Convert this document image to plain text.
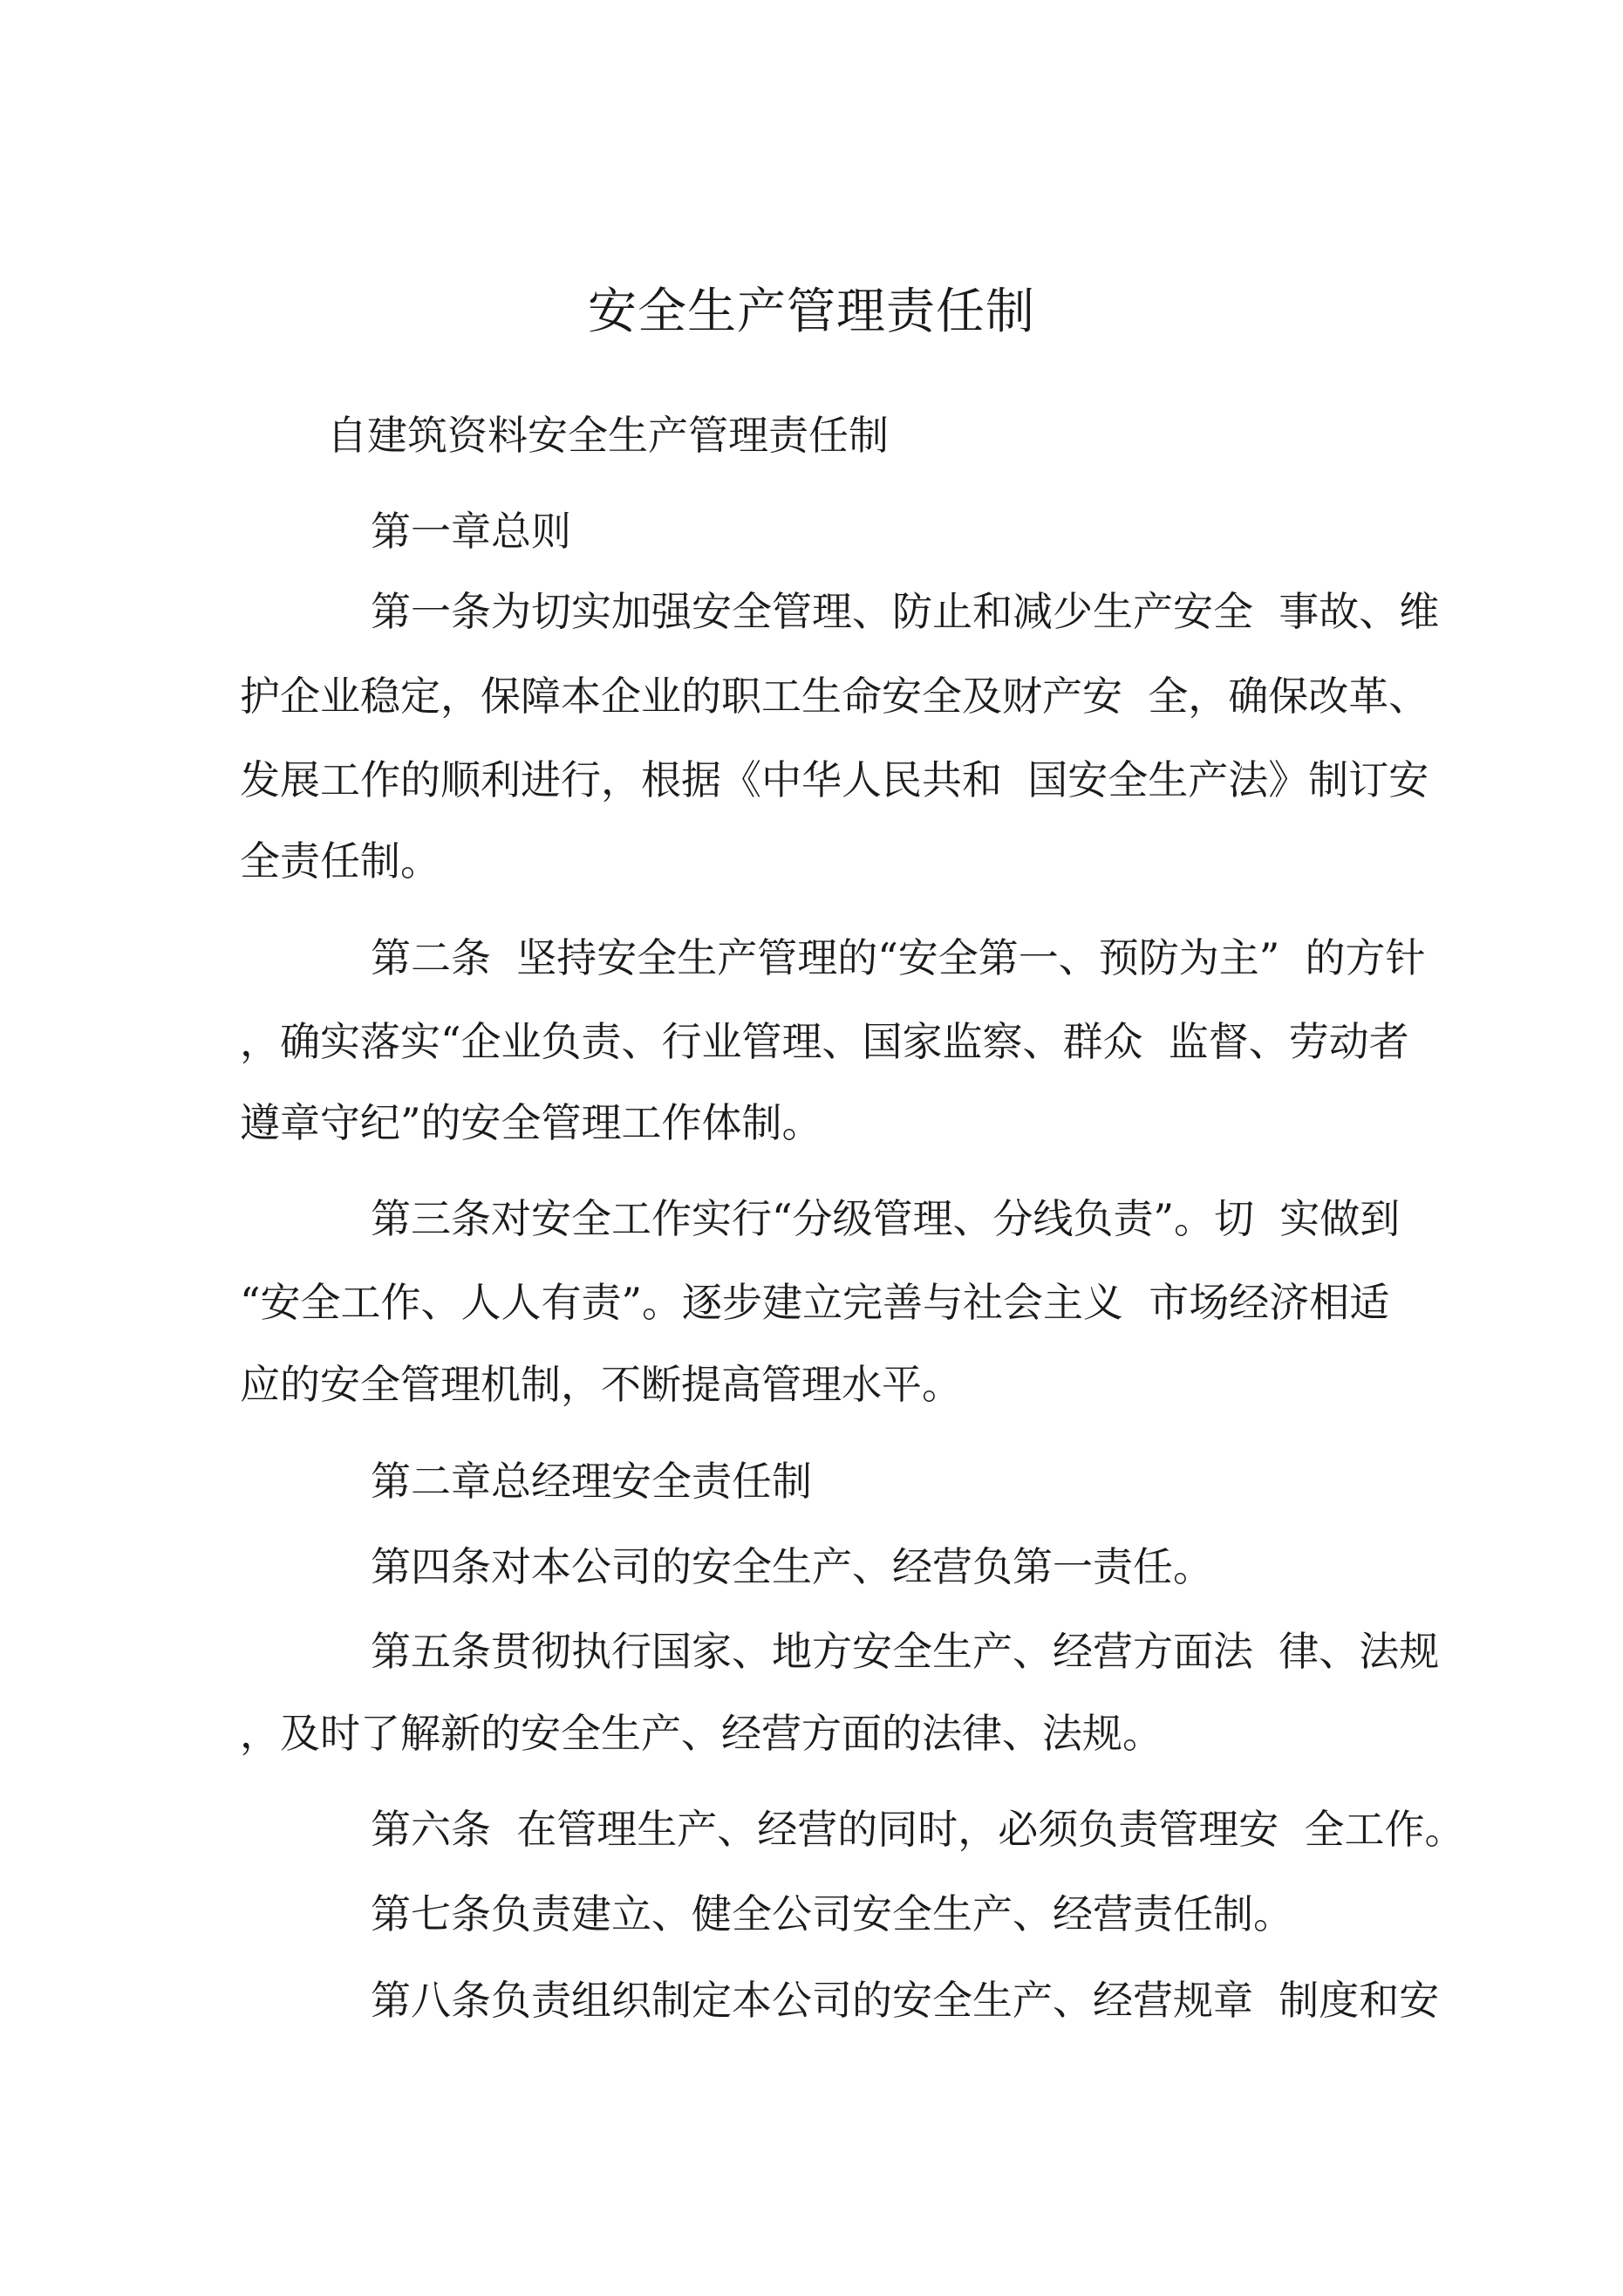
安全生产管理责任制
自建筑资料安全生产管理责任制
第一章总则
第一条为切实加强安全管理、防止和减少生产安全  事故、维
护企业稳定，保障本企业的职工生命安全及财产安  全，确保改革、
发展工作的顺利进行，根据《中华人民共和  国安全生产法》制订安
全责任制。
第二条  坚持安全生产管理的“安全第一、预防为主”  的方针
，确实落实“企业负责、行业管理、国家监察、群众  监督、劳动者
遵章守纪”的安全管理工作体制。
第三条对安全工作实行“分级管理、分线负责”。切  实做到
“安全工作、人人有责”。逐步建立完善与社会主义  市场经济相适
应的安全管理机制，不断提高管理水平。
第二章总经理安全责任制
第四条对本公司的安全生产、经营负第一责任。
第五条贯彻执行国家、地方安全生产、经营方面法  律、法规
，及时了解新的安全生产、经营方面的法律、法规。
第六条  在管理生产、经营的同时，必须负责管理安  全工作。
第七条负责建立、健全公司安全生产、经营责任制。
第八条负责组织制定本公司的安全生产、经营规章  制度和安
